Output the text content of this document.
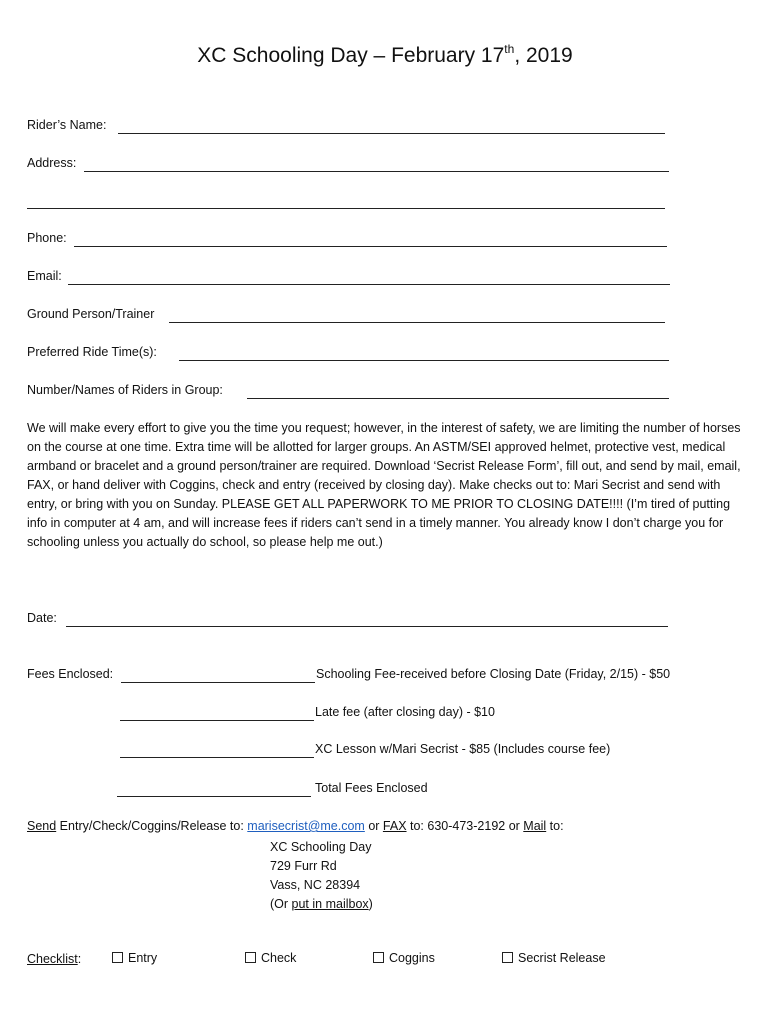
XC Schooling Day – February 17th, 2019
Rider’s Name:
Address:
Phone:
Email:
Ground Person/Trainer
Preferred Ride Time(s):
Number/Names of Riders in Group:
We will make every effort to give you the time you request; however, in the interest of safety, we are limiting the number of horses on the course at one time. Extra time will be allotted for larger groups. An ASTM/SEI approved helmet, protective vest, medical armband or bracelet and a ground person/trainer are required. Download ‘Secrist Release Form’, fill out, and send by mail, email, FAX, or hand deliver with Coggins, check and entry (received by closing day). Make checks out to: Mari Secrist and send with entry, or bring with you on Sunday. PLEASE GET ALL PAPERWORK TO ME PRIOR TO CLOSING DATE!!!! (I’m tired of putting info in computer at 4 am, and will increase fees if riders can’t send in a timely manner. You already know I don’t charge you for schooling unless you actually do school, so please help me out.)
Date:
Fees Enclosed:	Schooling Fee-received before Closing Date (Friday, 2/15) - $50
Late fee (after closing day) - $10
XC Lesson w/Mari Secrist - $85 (Includes course fee)
Total Fees Enclosed
Send Entry/Check/Coggins/Release to: marisecrist@me.com or FAX to: 630-473-2192 or Mail to:
XC Schooling Day
729 Furr Rd
Vass, NC 28394
(Or put in mailbox)
Checklist:	Entry	Check	Coggins	Secrist Release
